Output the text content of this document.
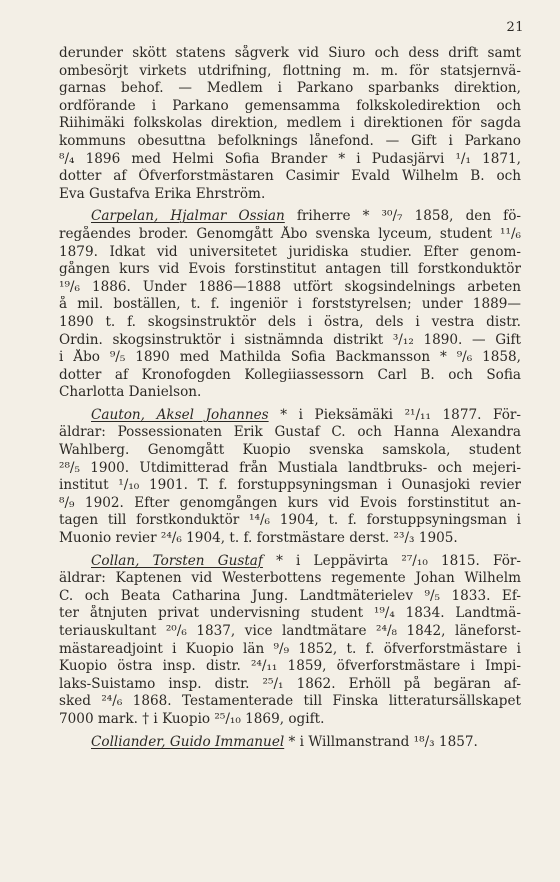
21
derunder skött statens sågverk vid Siuro och dess drift samt
ombesörjt virkets utdrifning, flottning m. m. för statsjernvä-
garnas behof. — Medlem i Parkano sparbanks direktion,
ordförande i Parkano gemensamma folkskoledirektion och
Riihimäki folkskolas direktion, medlem i direktionen för sagda
kommuns obesuttna befolknings lånefond. — Gift i Parkano
⁸/₄ 1896 med Helmi Sofia Brander * i Pudasjärvi ¹/₁ 1871,
dotter af Öfverforstmästaren Casimir Evald Wilhelm B. och
Eva Gustafva Erika Ehrström.
Carpelan, Hjalmar Ossian friherre * ³⁰/₇ 1858, den fö-
regåendes broder. Genomgått Åbo svenska lyceum, student ¹¹/₆
1879. Idkat vid universitetet juridiska studier. Efter genom-
gången kurs vid Evois forstinstitut antagen till forstkonduktör
¹⁹/₆ 1886. Under 1886—1888 utfört skogsindelnings arbeten
å mil. boställen, t. f. ingeniör i forststyrelsen; under 1889—
1890 t. f. skogsinstruktör dels i östra, dels i vestra distr.
Ordin. skogsinstruktör i sistnämnda distrikt ³/₁₂ 1890. — Gift
i Åbo ⁹/₅ 1890 med Mathilda Sofia Backmansson * ⁹/₆ 1858,
dotter af Kronofogden Kollegiiassessorn Carl B. och Sofia
Charlotta Danielson.
Cauton, Aksel Johannes * i Pieksämäki ²¹/₁₁ 1877. För-
äldrar: Possessionaten Erik Gustaf C. och Hanna Alexandra
Wahlberg. Genomgått Kuopio svenska samskola, student
²⁸/₅ 1900. Utdimitterad från Mustiala landtbruks- och mejeri-
institut ¹/₁₀ 1901. T. f. forstuppsyningsman i Ounasjoki revier
⁸/₉ 1902. Efter genomgången kurs vid Evois forstinstitut an-
tagen till forstkonduktör ¹⁴/₆ 1904, t. f. forstuppsyningsman i
Muonio revier ²⁴/₆ 1904, t. f. forstmästare derst. ²³/₃ 1905.
Collan, Torsten Gustaf * i Leppävirta ²⁷/₁₀ 1815. För-
äldrar: Kaptenen vid Westerbottens regemente Johan Wilhelm
C. och Beata Catharina Jung. Landtmäterielev ⁹/₅ 1833. Ef-
ter åtnjuten privat undervisning student ¹⁹/₄ 1834. Landtmä-
teriauskultant ²⁰/₆ 1837, vice landtmätare ²⁴/₈ 1842, läneforst-
mästareadjoint i Kuopio län ⁹/₉ 1852, t. f. öfverforstmästare i
Kuopio östra insp. distr. ²⁴/₁₁ 1859, öfverforstmästare i Impi-
laks-Suistamo insp. distr. ²⁵/₁ 1862. Erhöll på begäran af-
sked ²⁴/₆ 1868. Testamenterade till Finska litteratursällskapet
7000 mark. † i Kuopio ²⁵/₁₀ 1869, ogift.
Colliander, Guido Immanuel * i Willmanstrand ¹⁸/₃ 1857.
